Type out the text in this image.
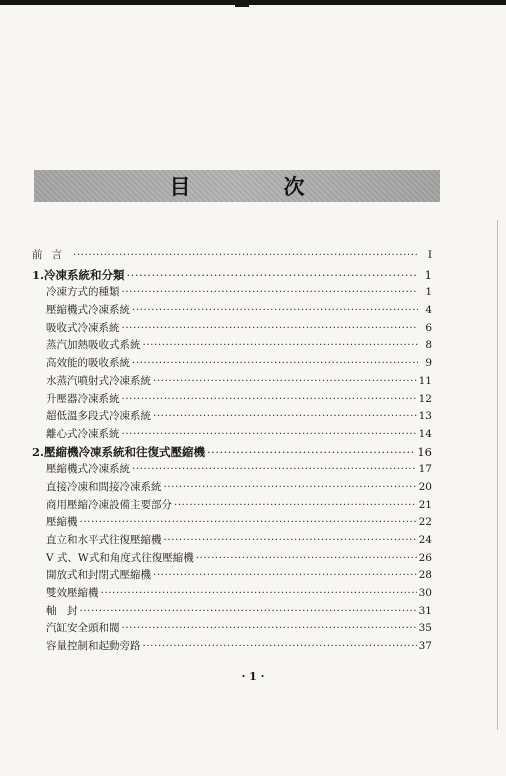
目　次
前言 ·····	I
1.冷凍系統和分類 ·····	1
冷凍方式的種類 ·····	1
壓縮機式冷凍系統 ·····	4
吸收式冷凍系統 ·····	6
蒸汽加熱吸收式系統 ·····	8
高效能的吸收系統 ·····	9
水蒸汽噴射式冷凍系統 ·····	11
升壓器冷凍系統 ·····	12
超低溫多段式冷凍系統 ·····	13
離心式冷凍系統 ·····	14
2.壓縮機冷凍系統和往復式壓縮機 ·····	16
壓縮機式冷凍系統 ·····	17
直接冷凍和間接冷凍系統 ·····	20
商用壓縮冷凍設備主要部分 ·····	21
壓縮機 ·····	22
直立和水平式往復壓縮機 ·····	24
V 式、W式和角度式往復壓縮機 ·····	26
開放式和封閉式壓縮機 ·····	28
雙效壓縮機 ·····	30
軸　封 ·····	31
汽缸安全頭和閥 ·····	35
容量控制和起動旁路 ·····	37
· 1 ·
